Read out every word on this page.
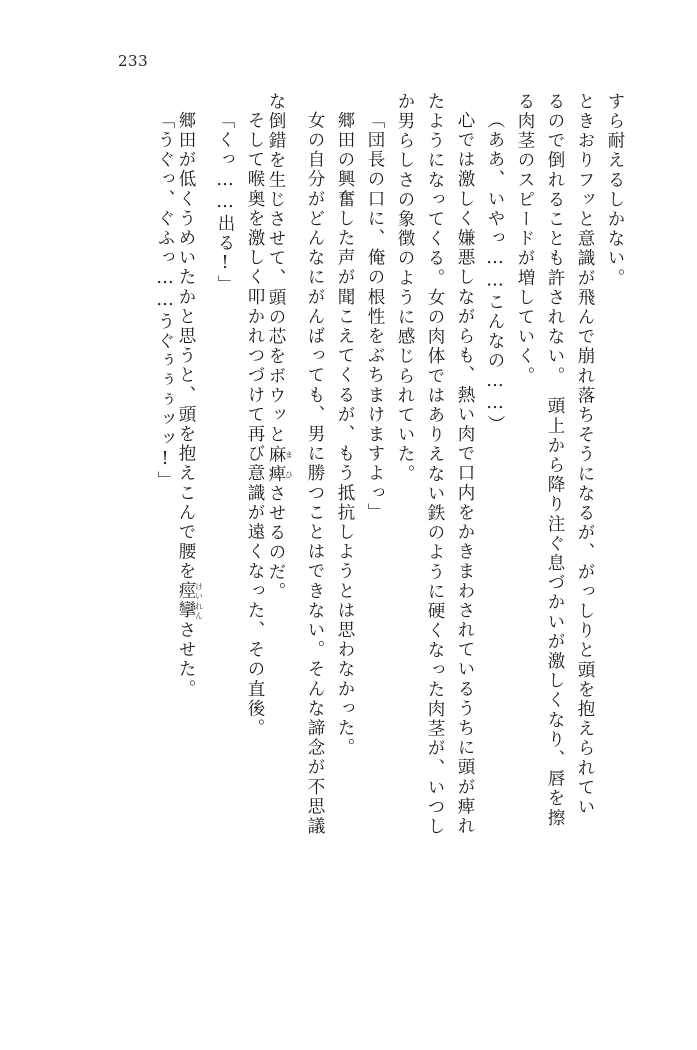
233
すら耐えるしかない。
ときおりフッと意識が飛んで崩れ落ちそうになるが、がっしりと頭を抱えられてい
るので倒れることも許されない。　頭上から降り注ぐ息づかいが激しくなり、唇を擦
る肉茎のスピードが増していく。
（ああ、いやっ……こんなの……）
心では激しく嫌悪しながらも、熱い肉で口内をかきまわされているうちに頭が痺れ
たようになってくる。女の肉体ではありえない鉄のように硬くなった肉茎が、いつし
か男らしさの象徴のように感じられていた。
「団長の口に、俺の根性をぶちまけますよっ」
郷田の興奮した声が聞こえてくるが、もう抵抗しようとは思わなかった。
女の自分がどんなにがんばっても、男に勝つことはできない。そんな諦念が不思議
な倒錯を生じさせて、頭の芯をボウッと麻痺まひさせるのだ。
そして喉奥を激しく叩かれつづけて再び意識が遠くなった、その直後。
「くっ……出る!」
郷田が低くうめいたかと思うと、頭を抱えこんで腰を痙攣けいれんさせた。
「うぐっ、ぐふっ……うぐぅぅぅッッ!」
